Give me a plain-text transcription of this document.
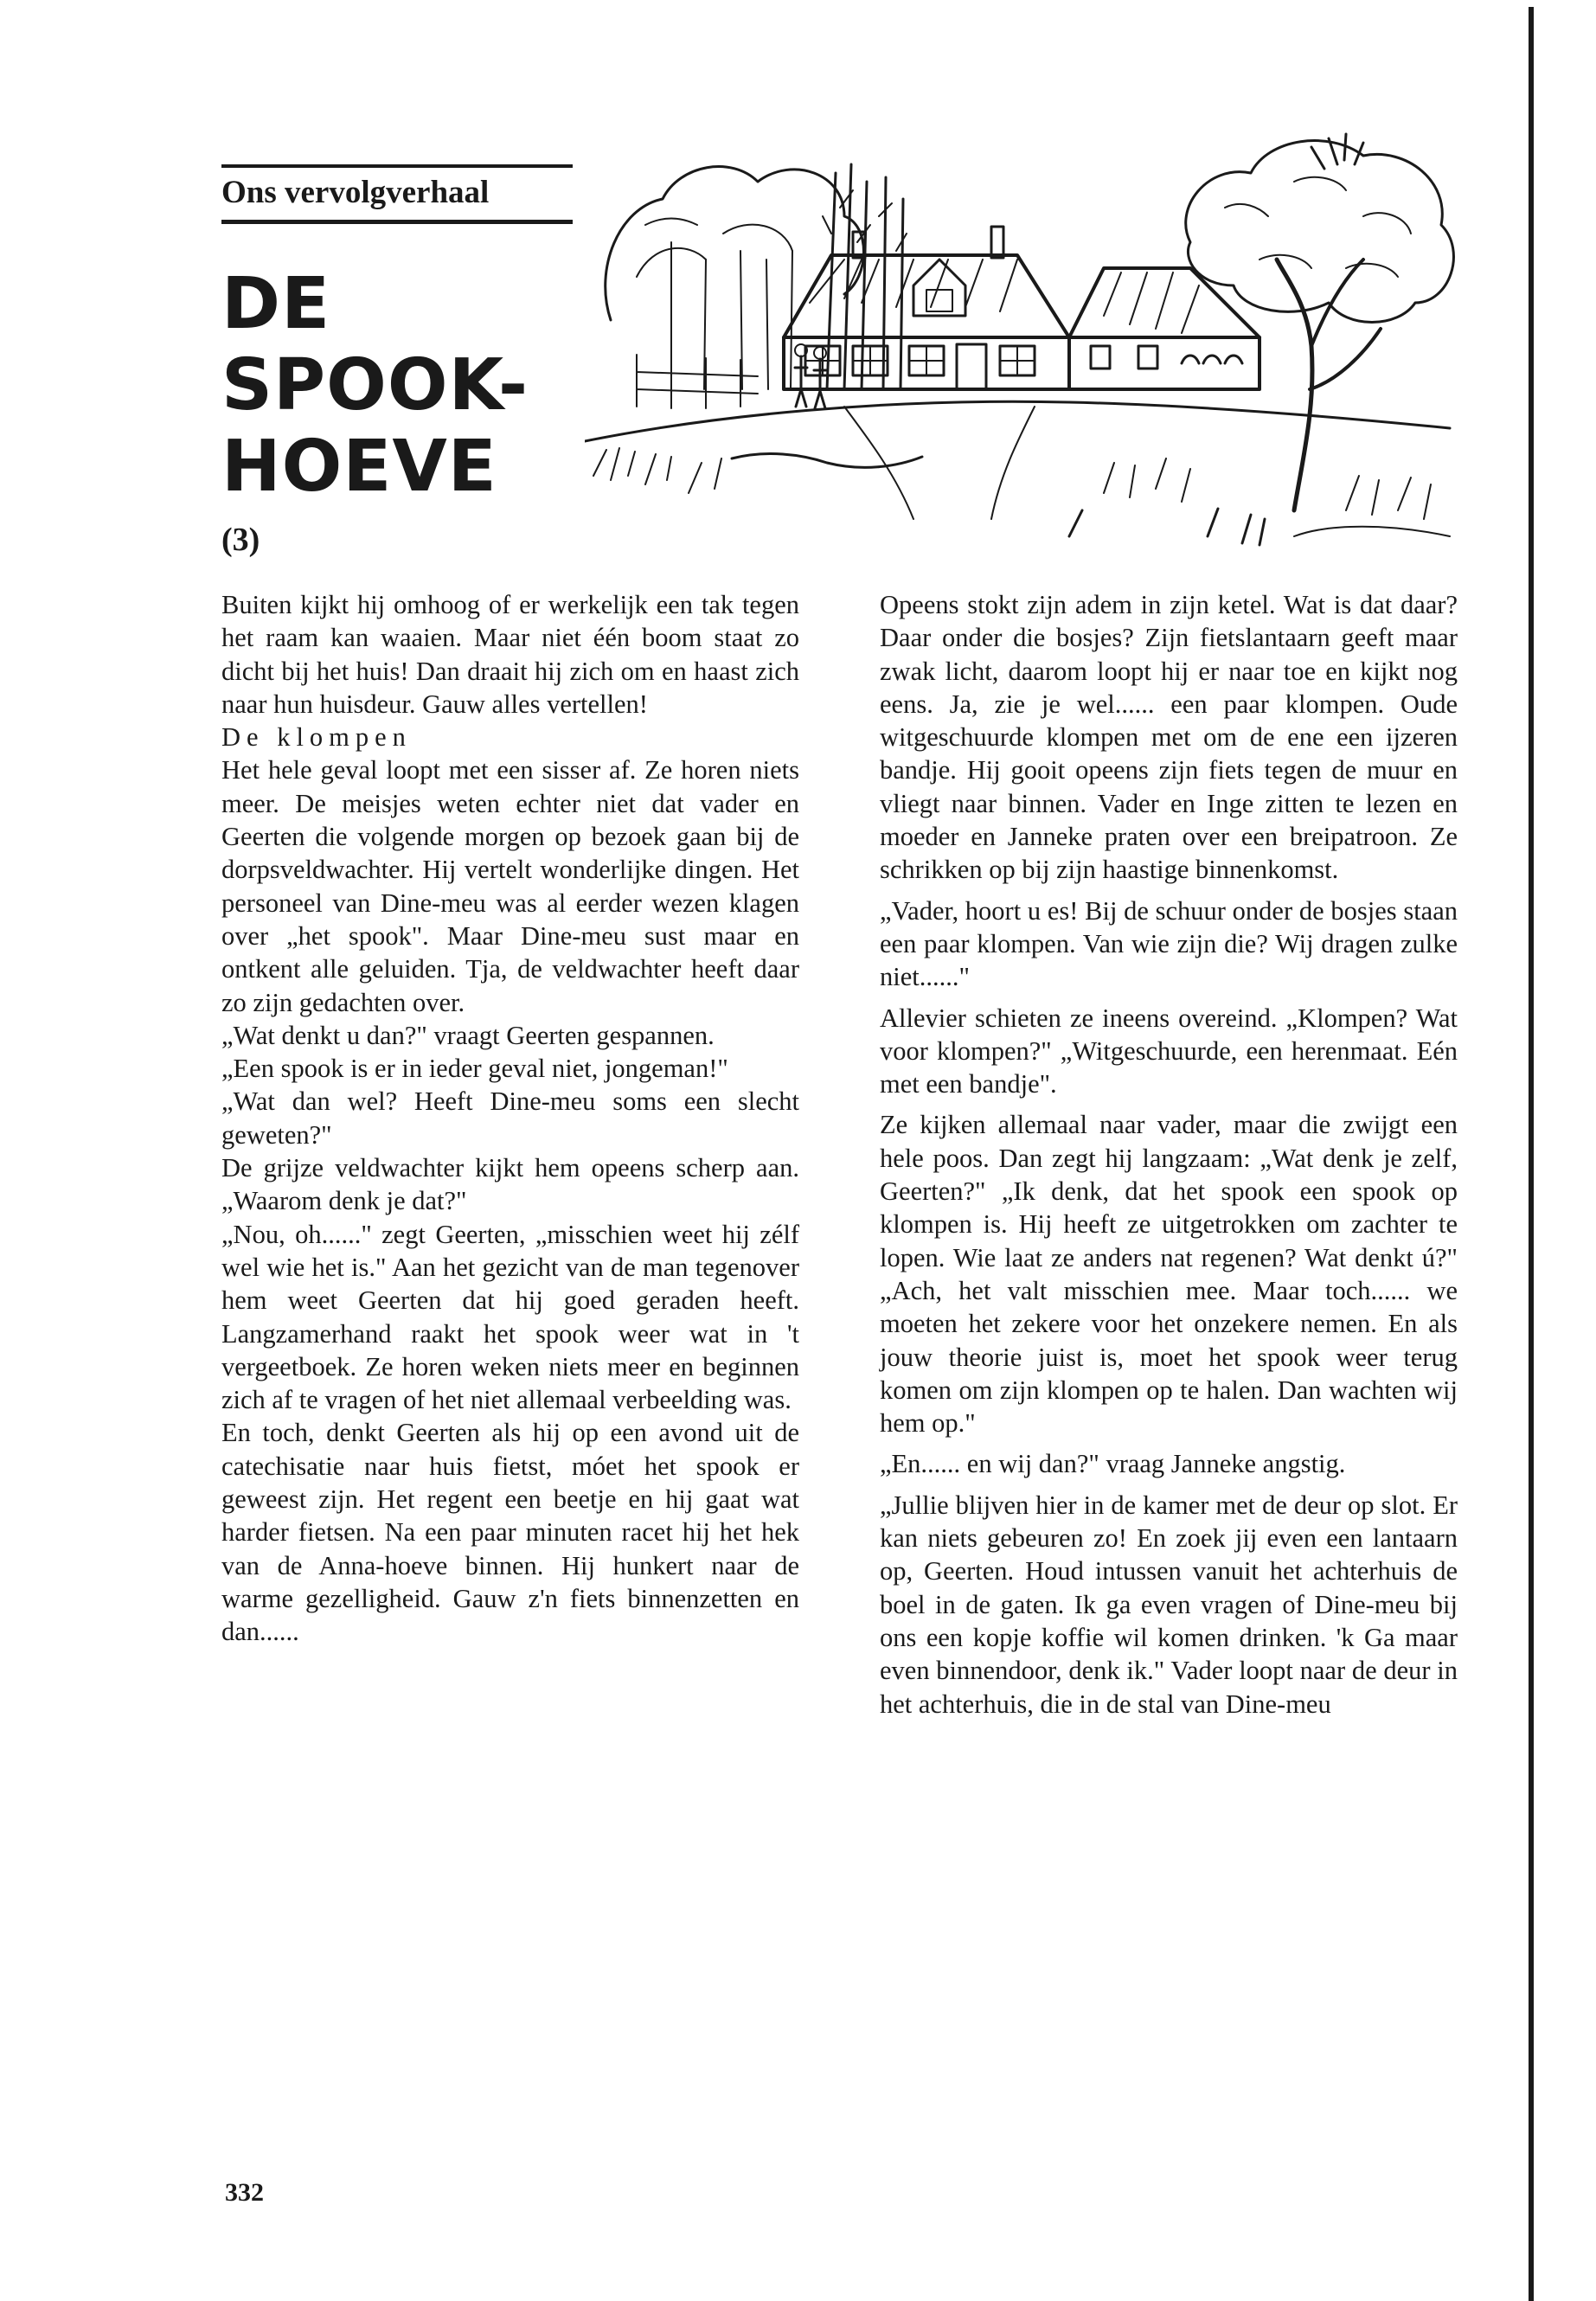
Ons vervolgverhaal
DE
SPOOK-
HOEVE
(3)

Buiten kijkt hij omhoog of er werkelijk een tak tegen het raam kan waaien. Maar niet één boom staat zo dicht bij het huis! Dan draait hij zich om en haast zich naar hun huisdeur. Gauw alles vertellen!

De klompen

Het hele geval loopt met een sisser af. Ze horen niets meer. De meisjes weten echter niet dat vader en Geerten die volgende morgen op bezoek gaan bij de dorpsveldwachter. Hij vertelt wonderlijke dingen. Het personeel van Dine-meu was al eerder wezen klagen over „het spook". Maar Dine-meu sust maar en ontkent alle geluiden. Tja, de veldwachter heeft daar zo zijn gedachten over.

„Wat denkt u dan?" vraagt Geerten gespannen.

„Een spook is er in ieder geval niet, jongeman!"

„Wat dan wel? Heeft Dine-meu soms een slecht geweten?"

De grijze veldwachter kijkt hem opeens scherp aan. „Waarom denk je dat?"

„Nou, oh......" zegt Geerten, „misschien weet hij zélf wel wie het is." Aan het gezicht van de man tegenover hem weet Geerten dat hij goed geraden heeft. Langzamerhand raakt het spook weer wat in 't vergeetboek. Ze horen weken niets meer en beginnen zich af te vragen of het niet allemaal verbeelding was.

En toch, denkt Geerten als hij op een avond uit de catechisatie naar huis fietst, móet het spook er geweest zijn. Het regent een beetje en hij gaat wat harder fietsen. Na een paar minuten racet hij het hek van de Anna-hoeve binnen. Hij hunkert naar de warme gezelligheid. Gauw z'n fiets binnenzetten en dan......

Opeens stokt zijn adem in zijn ketel. Wat is dat daar? Daar onder die bosjes? Zijn fietslantaarn geeft maar zwak licht, daarom loopt hij er naar toe en kijkt nog eens. Ja, zie je wel...... een paar klompen. Oude witgeschuurde klompen met om de ene een ijzeren bandje. Hij gooit opeens zijn fiets tegen de muur en vliegt naar binnen. Vader en Inge zitten te lezen en moeder en Janneke praten over een breipatroon. Ze schrikken op bij zijn haastige binnenkomst.

„Vader, hoort u es! Bij de schuur onder de bosjes staan een paar klompen. Van wie zijn die? Wij dragen zulke niet......"

Allevier schieten ze ineens overeind. „Klompen? Wat voor klompen?" „Witgeschuurde, een herenmaat. Eén met een bandje".

Ze kijken allemaal naar vader, maar die zwijgt een hele poos. Dan zegt hij langzaam: „Wat denk je zelf, Geerten?" „Ik denk, dat het spook een spook op klompen is. Hij heeft ze uitgetrokken om zachter te lopen. Wie laat ze anders nat regenen? Wat denkt ú?" „Ach, het valt misschien mee. Maar toch...... we moeten het zekere voor het onzekere nemen. En als jouw theorie juist is, moet het spook weer terug komen om zijn klompen op te halen. Dan wachten wij hem op."

„En...... en wij dan?" vraag Janneke angstig.

„Jullie blijven hier in de kamer met de deur op slot. Er kan niets gebeuren zo! En zoek jij even een lantaarn op, Geerten. Houd intussen vanuit het achterhuis de boel in de gaten. Ik ga even vragen of Dine-meu bij ons een kopje koffie wil komen drinken. 'k Ga maar even binnendoor, denk ik." Vader loopt naar de deur in het achterhuis, die in de stal van Dine-meu

332
